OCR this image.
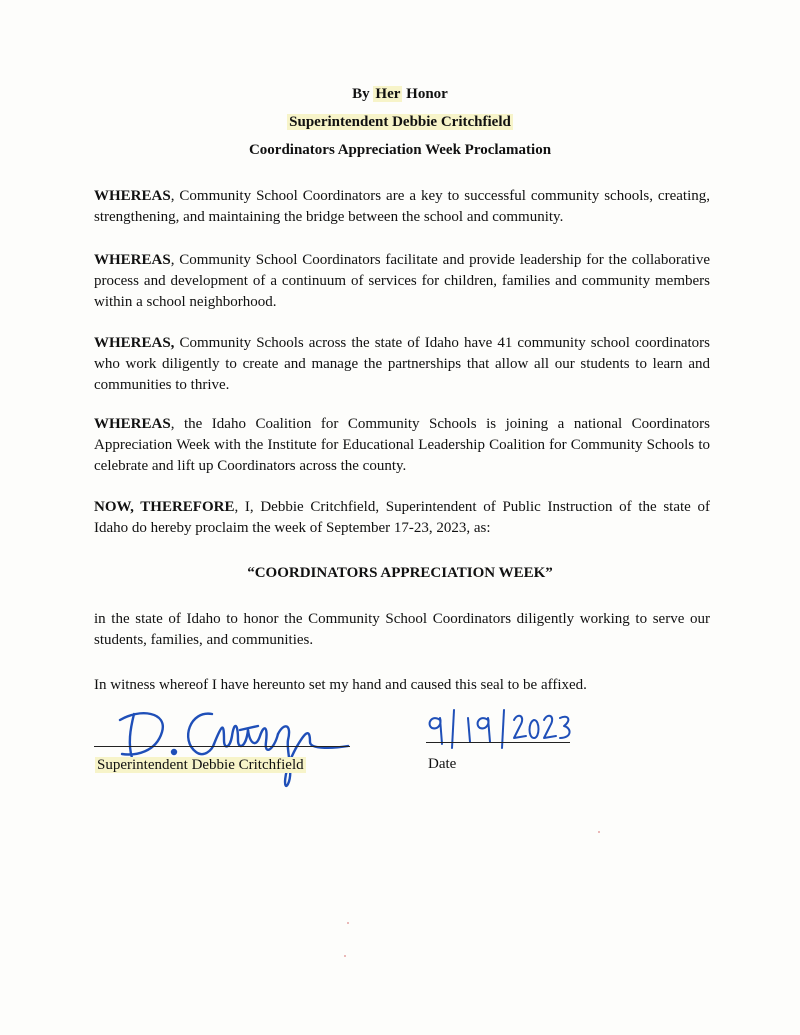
By Her Honor
Superintendent Debbie Critchfield
Coordinators Appreciation Week Proclamation
WHEREAS, Community School Coordinators are a key to successful community schools, creating, strengthening, and maintaining the bridge between the school and community.
WHEREAS, Community School Coordinators facilitate and provide leadership for the collaborative process and development of a continuum of services for children, families and community members within a school neighborhood.
WHEREAS, Community Schools across the state of Idaho have 41 community school coordinators who work diligently to create and manage the partnerships that allow all our students to learn and communities to thrive.
WHEREAS, the Idaho Coalition for Community Schools is joining a national Coordinators Appreciation Week with the Institute for Educational Leadership Coalition for Community Schools to celebrate and lift up Coordinators across the county.
NOW, THEREFORE, I, Debbie Critchfield, Superintendent of Public Instruction of the state of Idaho do hereby proclaim the week of September 17-23, 2023, as:
“COORDINATORS APPRECIATION WEEK”
in the state of Idaho to honor the Community School Coordinators diligently working to serve our students, families, and communities.
In witness whereof I have hereunto set my hand and caused this seal to be affixed.
Superintendent Debbie Critchfield	Date
